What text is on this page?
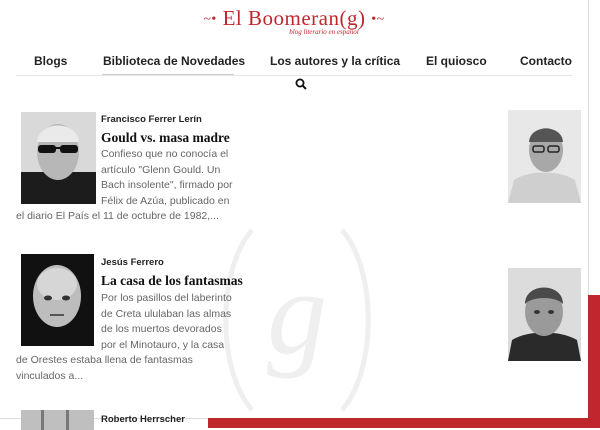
~• El Boomeran(g) •~
blog literario en español
Blogs	Biblioteca de Novedades Los autores y la crítica El quiosco	Contacto
g
Francisco Ferrer Lerín
Gould vs. masa madre

Confieso que no conocía el

artículo "Glenn Gould. Un

Bach insolente", firmado por

Félix de Azúa, publicado en

el diario El País el 11 de octubre de 1982,...

Jesús Ferrero
La casa de los fantasmas

Por los pasillos del laberinto

de Creta ululaban las almas

de los muertos devorados

por el Minotauro, y la casa

de Orestes estaba llena de fantasmas

vinculados a...

Roberto Herrscher
